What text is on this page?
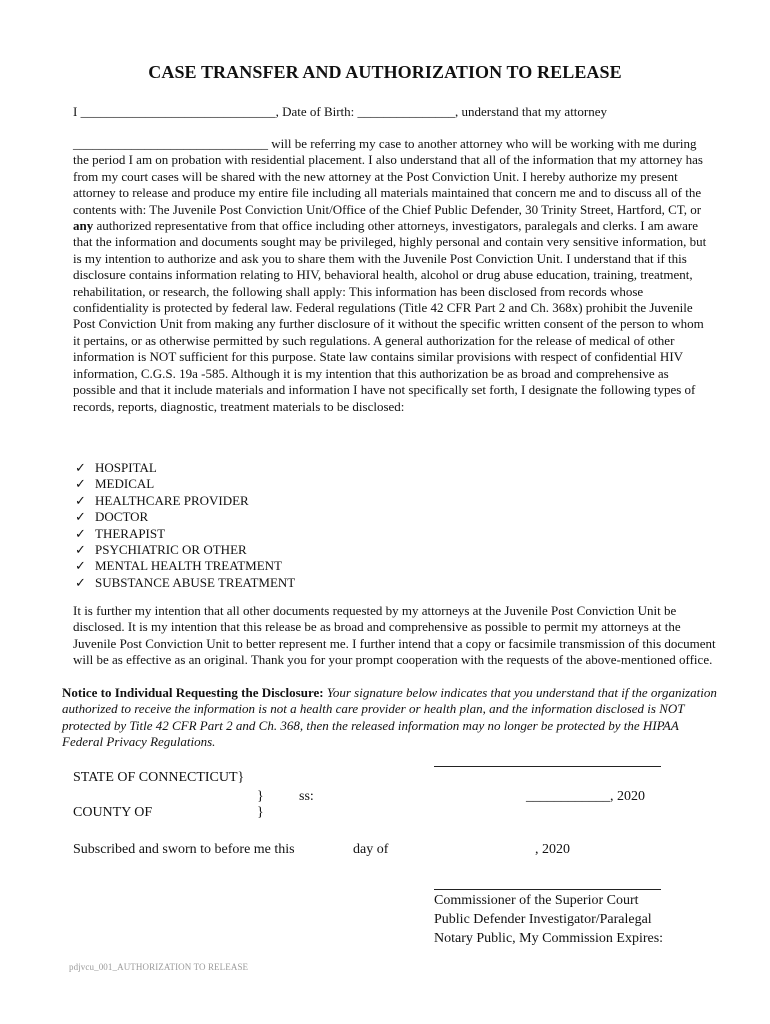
CASE TRANSFER AND AUTHORIZATION TO RELEASE
I ______________________________, Date of Birth: _______________, understand that my attorney
______________________________ will be referring my case to another attorney who will be working with me during the period I am on probation with residential placement. I also understand that all of the information that my attorney has from my court cases will be shared with the new attorney at the Post Conviction Unit. I hereby authorize my present attorney to release and produce my entire file including all materials maintained that concern me and to discuss all of the contents with: The Juvenile Post Conviction Unit/Office of the Chief Public Defender, 30 Trinity Street, Hartford, CT, or any authorized representative from that office including other attorneys, investigators, paralegals and clerks. I am aware that the information and documents sought may be privileged, highly personal and contain very sensitive information, but is my intention to authorize and ask you to share them with the Juvenile Post Conviction Unit. I understand that if this disclosure contains information relating to HIV, behavioral health, alcohol or drug abuse education, training, treatment, rehabilitation, or research, the following shall apply: This information has been disclosed from records whose confidentiality is protected by federal law. Federal regulations (Title 42 CFR Part 2 and Ch. 368x) prohibit the Juvenile Post Conviction Unit from making any further disclosure of it without the specific written consent of the person to whom it pertains, or as otherwise permitted by such regulations. A general authorization for the release of medical of other information is NOT sufficient for this purpose. State law contains similar provisions with respect of confidential HIV information, C.G.S. 19a -585. Although it is my intention that this authorization be as broad and comprehensive as possible and that it include materials and information I have not specifically set forth, I designate the following types of records, reports, diagnostic, treatment materials to be disclosed:
✓ HOSPITAL
✓ MEDICAL
✓ HEALTHCARE PROVIDER
✓ DOCTOR
✓ THERAPIST
✓ PSYCHIATRIC OR OTHER
✓ MENTAL HEALTH TREATMENT
✓ SUBSTANCE ABUSE TREATMENT
It is further my intention that all other documents requested by my attorneys at the Juvenile Post Conviction Unit be disclosed. It is my intention that this release be as broad and comprehensive as possible to permit my attorneys at the Juvenile Post Conviction Unit to better represent me. I further intend that a copy or facsimile transmission of this document will be as effective as an original. Thank you for your prompt cooperation with the requests of the above-mentioned office.
Notice to Individual Requesting the Disclosure: Your signature below indicates that you understand that if the organization authorized to receive the information is not a health care provider or health plan, and the information disclosed is NOT protected by Title 42 CFR Part 2 and Ch. 368, then the released information may no longer be protected by the HIPAA Federal Privacy Regulations.
STATE OF CONNECTICUT}
}	ss:	____________, 2020
COUNTY OF	}
Subscribed and sworn to before me this	day of	, 2020
Commissioner of the Superior Court
Public Defender Investigator/Paralegal
Notary Public, My Commission Expires:
pdjvcu_001_AUTHORIZATION TO RELEASE
